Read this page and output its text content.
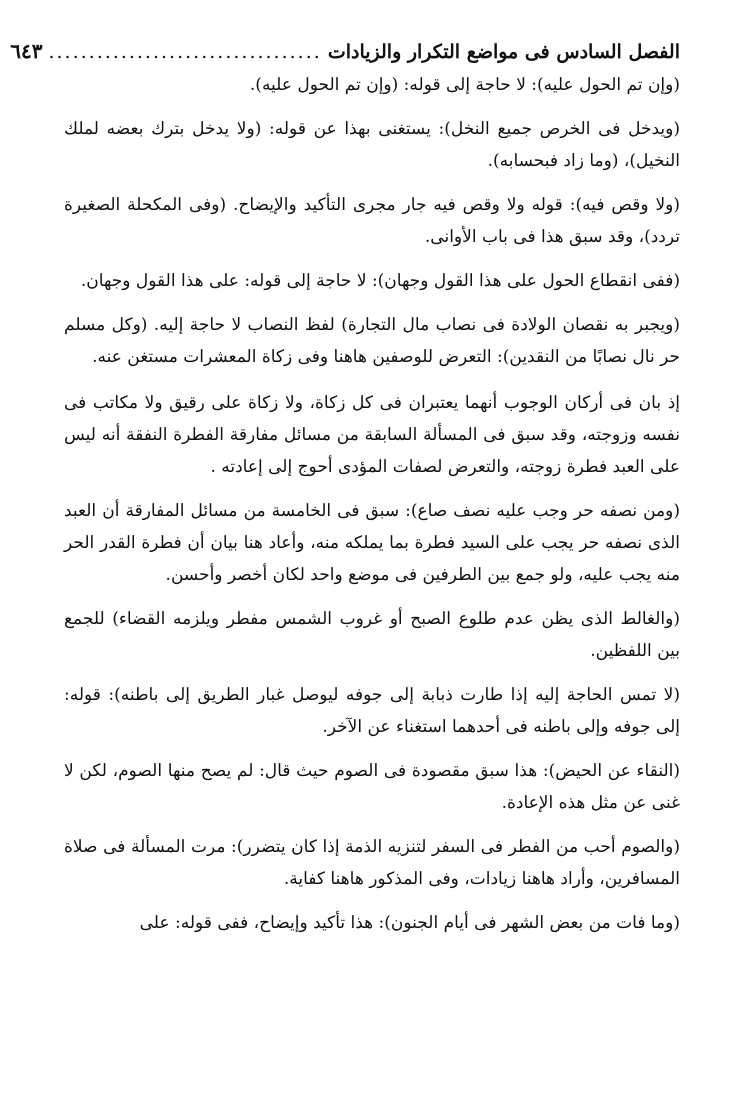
الفصل السادس فى مواضع التكرار والزيادات
..................................
٦٤٣

(وإن تم الحول عليه): لا حاجة إلى قوله: (وإن تم الحول عليه).

(ويدخل فى الخرص جميع النخل): يستغنى بهذا عن قوله: (ولا يدخل بترك بعضه لملك النخيل)، (وما زاد فبحسابه).

(ولا وقص فيه): قوله ولا وقص فيه جار مجرى التأكيد والإيضاح. (وفى المكحلة الصغيرة تردد)، وقد سبق هذا فى باب الأوانى.

(ففى انقطاع الحول على هذا القول وجهان): لا حاجة إلى قوله: على هذا القول وجهان.

(ويجبر به نقصان الولادة فى نصاب مال التجارة) لفظ النصاب لا حاجة إليه. (وكل مسلم حر نال نصابًا من النقدين): التعرض للوصفين هاهنا وفى زكاة المعشرات مستغن عنه.

إذ بان فى أركان الوجوب أنهما يعتبران فى كل زكاة، ولا زكاة على رقيق ولا مكاتب فى نفسه وزوجته، وقد سبق فى المسألة السابقة من مسائل مفارقة الفطرة النفقة أنه ليس على العبد فطرة زوجته، والتعرض لصفات المؤدى أحوج إلى إعادته .

(ومن نصفه حر وجب عليه نصف صاع): سبق فى الخامسة من مسائل المفارقة أن العبد الذى نصفه حر يجب على السيد فطرة بما يملكه منه، وأعاد هنا بيان أن فطرة القدر الحر منه يجب عليه، ولو جمع بين الطرفين فى موضع واحد لكان أخصر وأحسن.

(والغالط الذى يظن عدم طلوع الصبح أو غروب الشمس مفطر ويلزمه القضاء) للجمع بين اللفظين.

(لا تمس الحاجة إليه إذا طارت ذبابة إلى جوفه ليوصل غبار الطريق إلى باطنه): قوله: إلى جوفه وإلى باطنه فى أحدهما استغناء عن الآخر.

(النقاء عن الحيض): هذا سبق مقصودة فى الصوم حيث قال: لم يصح منها الصوم، لكن لا غنى عن مثل هذه الإعادة.

(والصوم أحب من الفطر فى السفر لتنزيه الذمة إذا كان يتضرر): مرت المسألة فى صلاة المسافرين، وأراد هاهنا زيادات، وفى المذكور هاهنا كفاية.

(وما فات من بعض الشهر فى أيام الجنون): هذا تأكيد وإيضاح، ففى قوله: على
